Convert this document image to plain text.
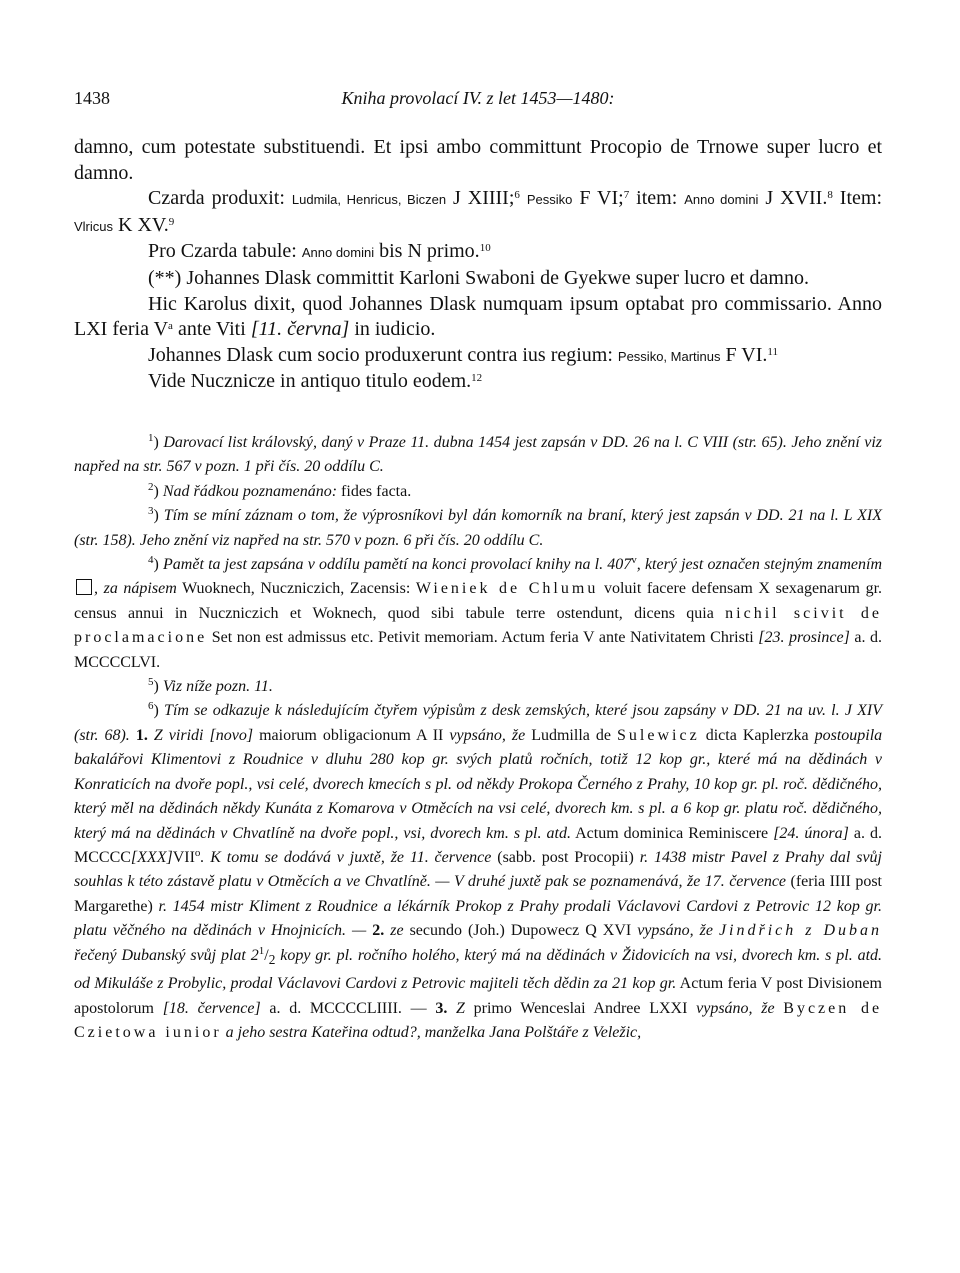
1438	Kniha provolací IV. z let 1453—1480:

damno, cum potestate substituendi. Et ipsi ambo committunt Procopio de Trnowe super lucro et damno.

Czarda produxit: Ludmila, Henricus, Biczen J XIIII;$^6$ Pessiko F VI;$^7$ item: Anno domini J XVII.$^8$ Item: Vlricus K XV.$^9$

Pro Czarda tabule: Anno domini bis N primo.$^{10}$

(**) Johannes Dlask committit Karloni Swaboni de Gyekwe super lucro et damno.

Hic Karolus dixit, quod Johannes Dlask numquam ipsum optabat pro commissario. Anno LXI feria $V^a$ ante Viti [11. června] in iudicio.

Johannes Dlask cum socio produxerunt contra ius regium: Pessiko, Martinus F VI.$^{11}$

Vide Nucznicze in antiquo titulo eodem.$^{12}$

$^1$) Darovací list královský, daný v Praze 11. dubna 1454 jest zapsán v DD. 26 na l. C VIII (str. 65). Jeho znění viz napřed na str. 567 v pozn. 1 při čís. 20 oddílu C.

$^2$) Nad řádkou poznamenáno: fides facta.

$^3$) Tím se míní záznam o tom, že výprosníkovi byl dán komorník na braní, který jest zapsán v DD. 21 na l. L XIX (str. 158). Jeho znění viz napřed na str. 570 v pozn. 6 při čís. 20 oddílu C.

$^4$) Pamět ta jest zapsána v oddílu pamětí na konci provolací knihy na l. 407$^v$, který jest označen stejným znamením , za nápisem Wuoknech, Nuczniczich, Zacensis: Wieniek de Chlumu voluit facere defensam X sexagenarum gr. census annui in Nuczniczich et Woknech, quod sibi tabule terre ostendunt, dicens quia nichil scivit de proclamacione Set non est admissus etc. Petivit memoriam. Actum feria V ante Nativitatem Christi [23. prosince] a. d. MCCCCLVI.

$^5$) Viz níže pozn. 11.

$^6$) Tím se odkazuje k následujícím čtyřem výpisům z desk zemských, které jsou zapsány v DD. 21 na uv. l. J XIV (str. 68). 1. Z viridi [novo] maiorum obligacionum A II vypsáno, že Ludmilla de Sulewicz dicta Kaplerzka postoupila bakalářovi Klimentovi z Roudnice v dluhu 280 kop gr. svých platů ročních, totiž 12 kop gr., které má na dědinách v Konraticích na dvoře popl., vsi celé, dvorech kmecích s pl. od někdy Prokopa Černého z Prahy, 10 kop gr. pl. roč. dědičného, který měl na dědinách někdy Kunáta z Komarova v Otměcích na vsi celé, dvorech km. s pl. a 6 kop gr. platu roč. dědičného, který má na dědinách v Chvatlíně na dvoře popl., vsi, dvorech km. s pl. atd. Actum dominica Reminiscere [24. února] a. d. MCCCC[XXX]VII$^o$. K tomu se dodává v juxtě, že 11. července (sabb. post Procopii) r. 1438 mistr Pavel z Prahy dal svůj souhlas k této zástavě platu v Otměcích a ve Chvatlíně. — V druhé juxtě pak se poznamenává, že 17. července (feria IIII post Margarethe) r. 1454 mistr Kliment z Roudnice a lékárník Prokop z Prahy prodali Václavovi Cardovi z Petrovic 12 kop gr. platu věčného na dědinách v Hnojnicích. — 2. ze secundo (Joh.) Dupowecz Q XVI vypsáno, že Jindřich z Duban řečený Dubanský svůj plat $2^1/_2$ kopy gr. pl. ročního holého, který má na dědinách v Židovicích na vsi, dvorech km. s pl. atd. od Mikuláše z Probylic, prodal Václavovi Cardovi z Petrovic majiteli těch dědin za 21 kop gr. Actum feria V post Divisionem apostolorum [18. července] a. d. MCCCCLIIII. — 3. Z primo Wenceslai Andree LXXI vypsáno, že Byczen de Czietowa iunior a jeho sestra Kateřina odtud?, manželka Jana Polštáře z Veležic,
